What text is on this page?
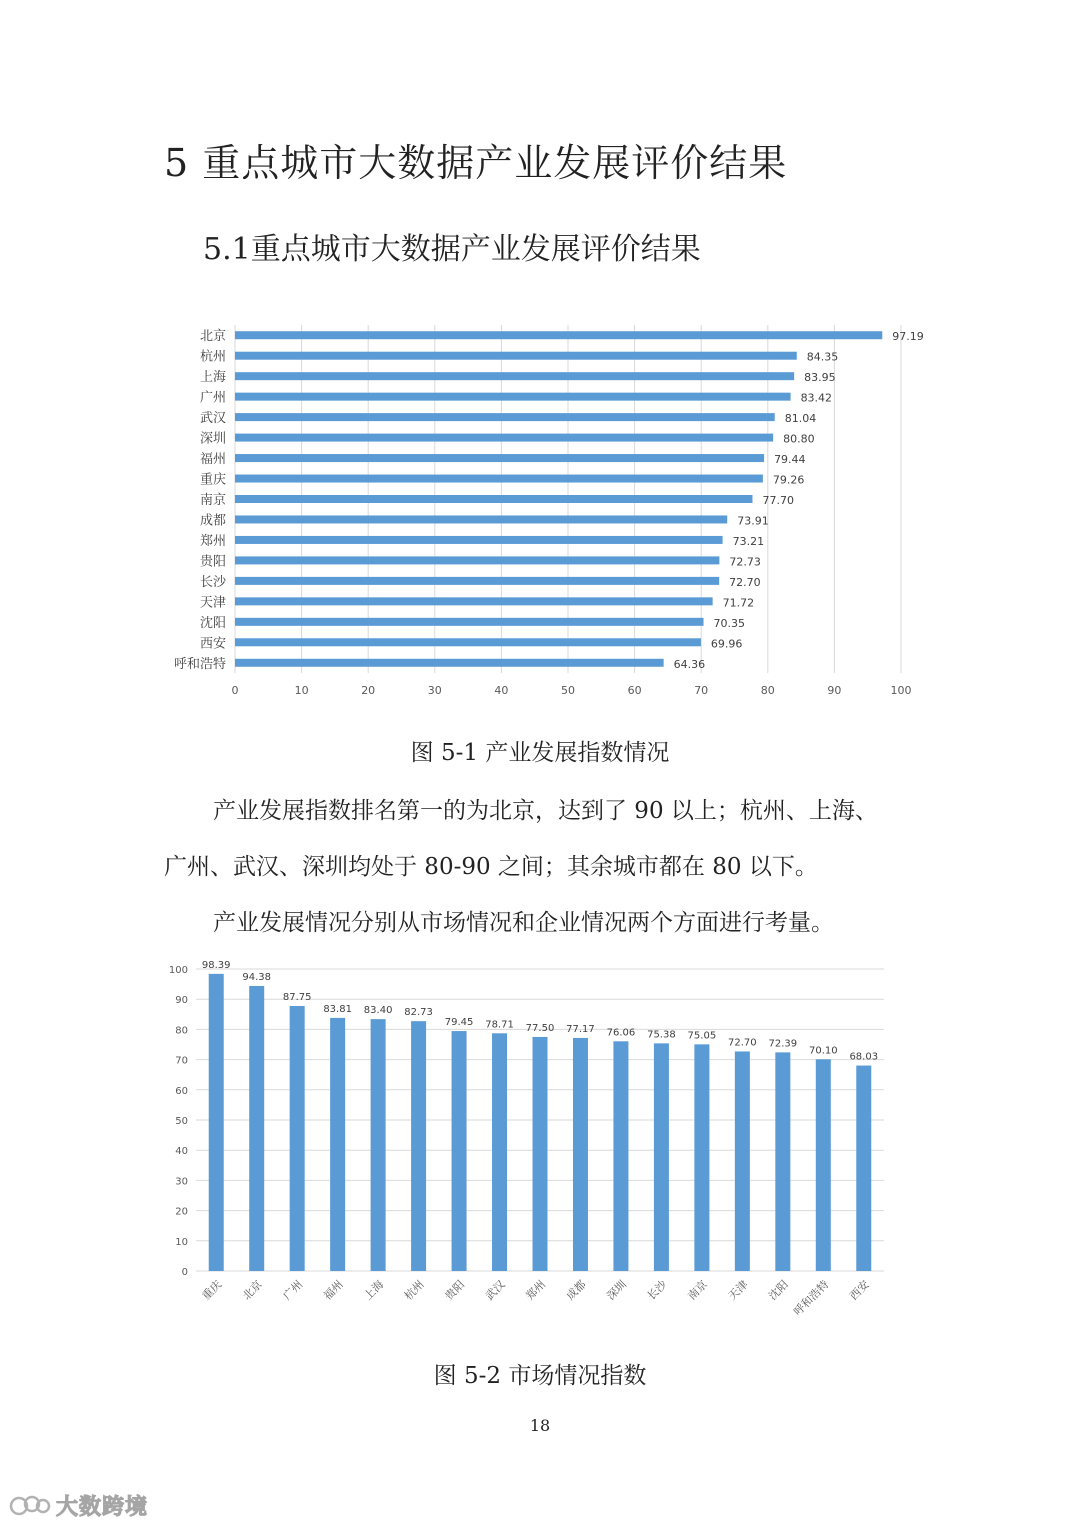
5 重点城市大数据产业发展评价结果
5.1重点城市大数据产业发展评价结果
0	10	20	30	40	50	60	70	80	90	100
北京	97.19
杭州	84.35
上海	83.95
广州	83.42
武汉	81.04
深圳	80.80
福州	79.44
重庆	79.26
南京	77.70
成都	73.91
郑州	73.21
贵阳	72.73
长沙	72.70
天津	71.72
沈阳	70.35
西安	69.96
呼和浩特	64.36
图 5-1 产业发展指数情况
产业发展指数排名第一的为北京，达到了 90 以上；杭州、上海、
广州、武汉、深圳均处于 80-90 之间；其余城市都在 80 以下。
产业发展情况分别从市场情况和企业情况两个方面进行考量。
0
10
20
30
40
50
60
70
80
90
100 98.39
重庆
94.38
北京
87.75
广州
83.81
福州
83.40
上海
82.73
杭州
79.45
贵阳
78.71
武汉
77.50
郑州
77.17
成都
76.06
深圳
75.38
长沙
75.05
南京
72.70
天津
72.39
沈阳
70.10
呼和浩特
68.03
西安
图 5-2 市场情况指数
18
大数跨境
